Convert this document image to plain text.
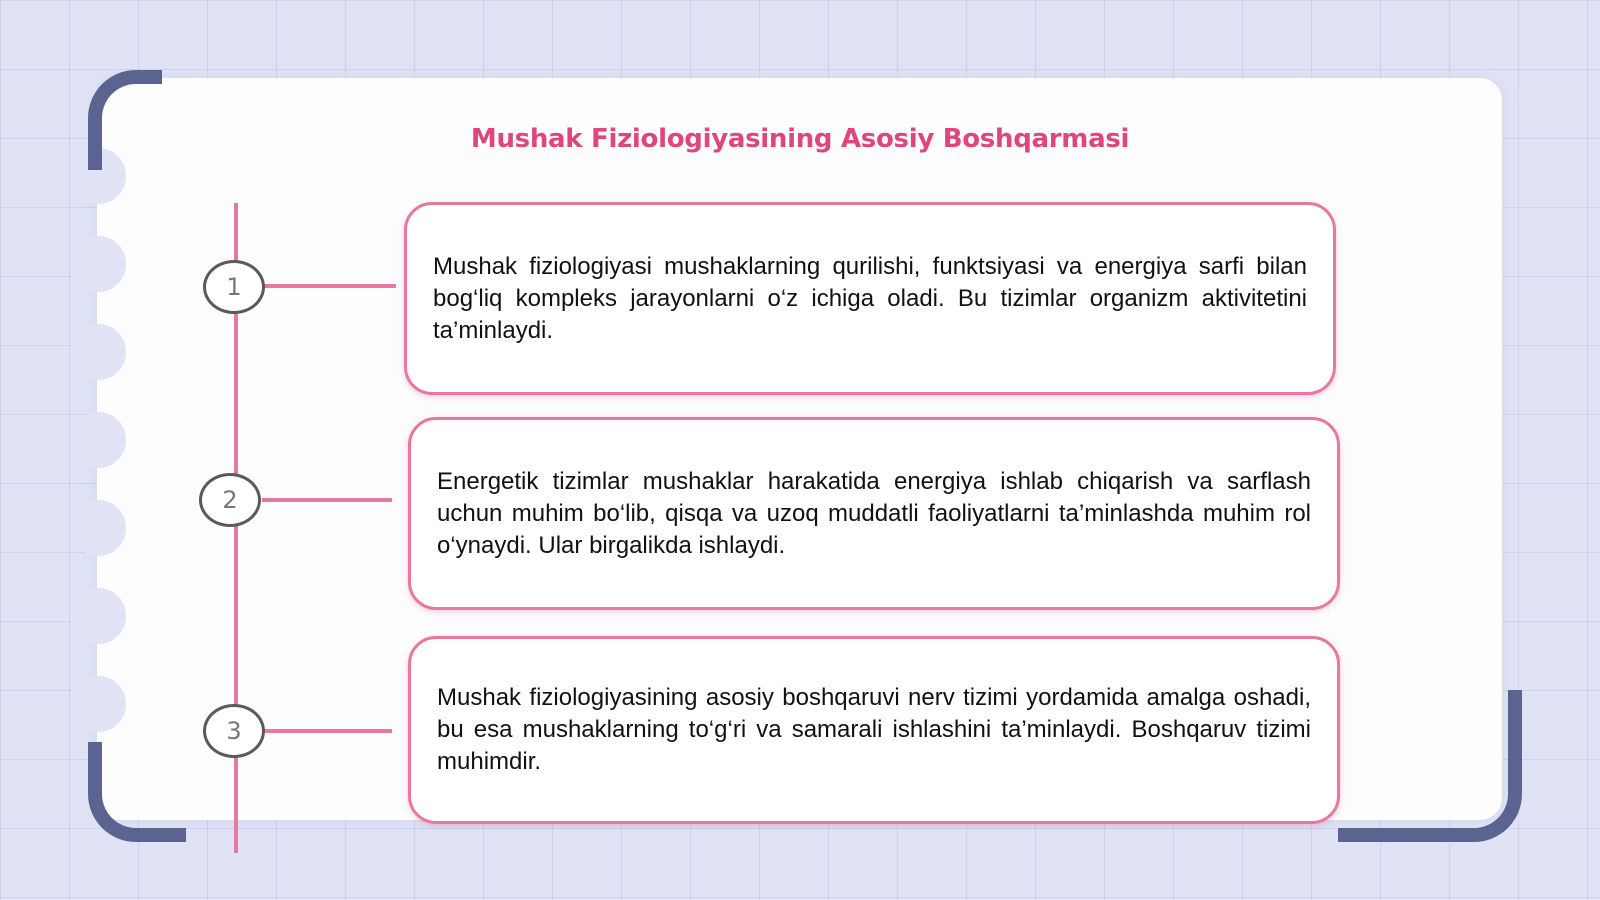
Mushak Fiziologiyasining Asosiy Boshqarmasi
1

Mushak fiziologiyasi mushaklarning qurilishi, funktsiyasi va energiya sarfi bilan bog‘liq kompleks jarayonlarni o‘z ichiga oladi. Bu tizimlar organizm aktivitetini ta’minlaydi.

2

Energetik tizimlar mushaklar harakatida energiya ishlab chiqarish va sarflash uchun muhim bo‘lib, qisqa va uzoq muddatli faoliyatlarni ta’minlashda muhim rol o‘ynaydi. Ular birgalikda ishlaydi.

3

Mushak fiziologiyasining asosiy boshqaruvi nerv tizimi yordamida amalga oshadi, bu esa mushaklarning to‘g‘ri va samarali ishlashini ta’minlaydi. Boshqaruv tizimi muhimdir.
